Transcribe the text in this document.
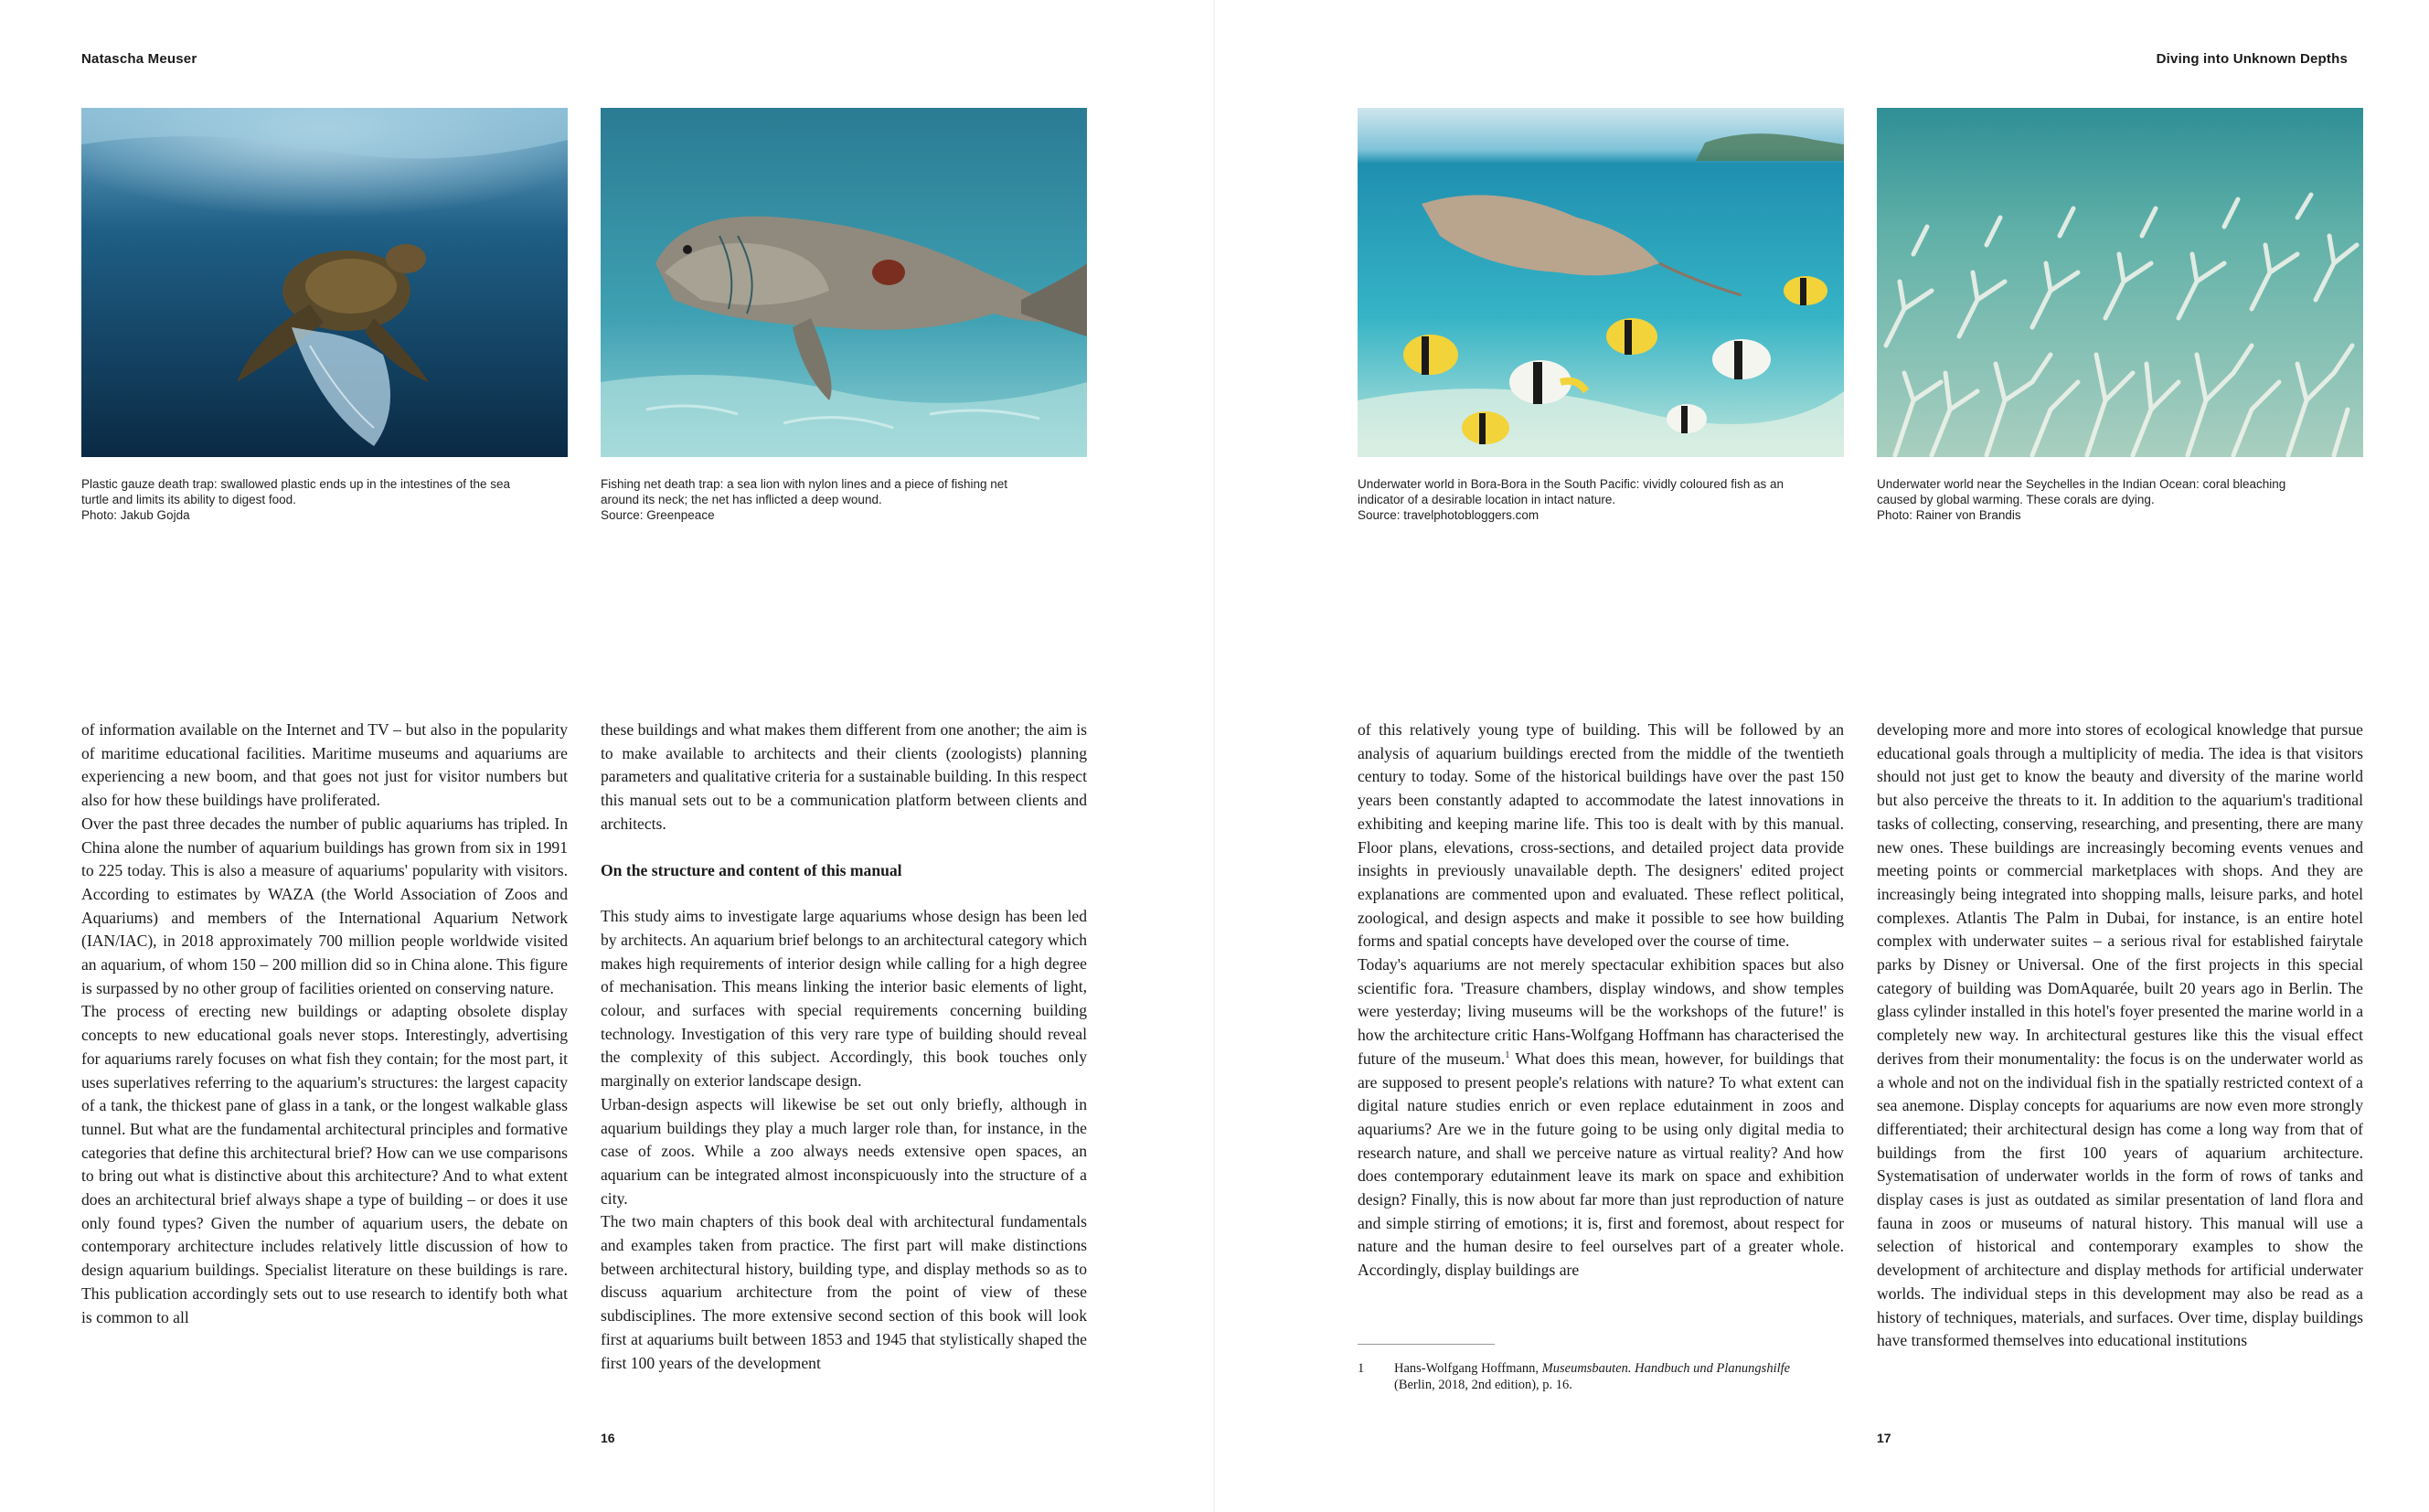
Natascha Meuser
Plastic gauze death trap: swallowed plastic ends up in the intestines of the sea
turtle and limits its ability to digest food.
Photo: Jakub Gojda
Fishing net death trap: a sea lion with nylon lines and a piece of fishing net
around its neck; the net has inflicted a deep wound.
Source: Greenpeace

of information available on the Internet and TV – but also in the popularity of maritime educational facilities. Maritime museums and aquariums are experiencing a new boom, and that goes not just for visitor numbers but also for how these buildings have proliferated.

Over the past three decades the number of public aquariums has tripled. In China alone the number of aquarium buildings has grown from six in 1991 to 225 today. This is also a measure of aquariums' popularity with visitors. According to estimates by WAZA (the World Association of Zoos and Aquariums) and members of the International Aquarium Network (IAN/IAC), in 2018 approximately 700 million people worldwide visited an aquarium, of whom 150 – 200 million did so in China alone. This figure is surpassed by no other group of facilities oriented on conserving nature.

The process of erecting new buildings or adapting obsolete display concepts to new educational goals never stops. Interestingly, advertising for aquariums rarely focuses on what fish they contain; for the most part, it uses superlatives referring to the aquarium's structures: the largest capacity of a tank, the thickest pane of glass in a tank, or the longest walkable glass tunnel. But what are the fundamental architectural principles and formative categories that define this architectural brief? How can we use comparisons to bring out what is distinctive about this architecture? And to what extent does an architectural brief always shape a type of building – or does it use only found types? Given the number of aquarium users, the debate on contemporary architecture includes relatively little discussion of how to design aquarium buildings. Specialist literature on these buildings is rare. This publication accordingly sets out to use research to identify both what is common to all

these buildings and what makes them different from one another; the aim is to make available to architects and their clients (zoologists) planning parameters and qualitative criteria for a sustainable building. In this respect this manual sets out to be a communication platform between clients and architects.

On the structure and content of this manual

This study aims to investigate large aquariums whose design has been led by architects. An aquarium brief belongs to an architectural category which makes high requirements of interior design while calling for a high degree of mechanisation. This means linking the interior basic elements of light, colour, and surfaces with special requirements concerning building technology. Investigation of this very rare type of building should reveal the complexity of this subject. Accordingly, this book touches only marginally on exterior landscape design.

Urban-design aspects will likewise be set out only briefly, although in aquarium buildings they play a much larger role than, for instance, in the case of zoos. While a zoo always needs extensive open spaces, an aquarium can be integrated almost inconspicuously into the structure of a city.

The two main chapters of this book deal with architectural fundamentals and examples taken from practice. The first part will make distinctions between architectural history, building type, and display methods so as to discuss aquarium architecture from the point of view of these subdisciplines. The more extensive second section of this book will look first at aquariums built between 1853 and 1945 that stylistically shaped the first 100 years of the development

16
Diving into Unknown Depths
Underwater world in Bora-Bora in the South Pacific: vividly coloured fish as an
indicator of a desirable location in intact nature.
Source: travelphotobloggers.com
Underwater world near the Seychelles in the Indian Ocean: coral bleaching
caused by global warming. These corals are dying.
Photo: Rainer von Brandis

of this relatively young type of building. This will be followed by an analysis of aquarium buildings erected from the middle of the twentieth century to today. Some of the historical buildings have over the past 150 years been constantly adapted to accommodate the latest innovations in exhibiting and keeping marine life. This too is dealt with by this manual. Floor plans, elevations, cross-sections, and detailed project data provide insights in previously unavailable depth. The designers' edited project explanations are commented upon and evaluated. These reflect political, zoological, and design aspects and make it possible to see how building forms and spatial concepts have developed over the course of time.

Today's aquariums are not merely spectacular exhibition spaces but also scientific fora. 'Treasure chambers, display windows, and show temples were yesterday; living museums will be the workshops of the future!' is how the architecture critic Hans-Wolfgang Hoffmann has characterised the future of the museum.$^1$ What does this mean, however, for buildings that are supposed to present people's relations with nature? To what extent can digital nature studies enrich or even replace edutainment in zoos and aquariums? Are we in the future going to be using only digital media to research nature, and shall we perceive nature as virtual reality? And how does contemporary edutainment leave its mark on space and exhibition design? Finally, this is now about far more than just reproduction of nature and simple stirring of emotions; it is, first and foremost, about respect for nature and the human desire to feel ourselves part of a greater whole. Accordingly, display buildings are

1 Hans-Wolfgang Hoffmann, Museumsbauten. Handbuch und Planungshilfe (Berlin, 2018, 2nd edition), p. 16.

developing more and more into stores of ecological knowledge that pursue educational goals through a multiplicity of media. The idea is that visitors should not just get to know the beauty and diversity of the marine world but also perceive the threats to it. In addition to the aquarium's traditional tasks of collecting, conserving, researching, and presenting, there are many new ones. These buildings are increasingly becoming events venues and meeting points or commercial marketplaces with shops. And they are increasingly being integrated into shopping malls, leisure parks, and hotel complexes. Atlantis The Palm in Dubai, for instance, is an entire hotel complex with underwater suites – a serious rival for established fairytale parks by Disney or Universal. One of the first projects in this special category of building was DomAquarée, built 20 years ago in Berlin. The glass cylinder installed in this hotel's foyer presented the marine world in a completely new way. In architectural gestures like this the visual effect derives from their monumentality: the focus is on the underwater world as a whole and not on the individual fish in the spatially restricted context of a sea anemone. Display concepts for aquariums are now even more strongly differentiated; their architectural design has come a long way from that of buildings from the first 100 years of aquarium architecture. Systematisation of underwater worlds in the form of rows of tanks and display cases is just as outdated as similar presentation of land flora and fauna in zoos or museums of natural history. This manual will use a selection of historical and contemporary examples to show the development of architecture and display methods for artificial underwater worlds. The individual steps in this development may also be read as a history of techniques, materials, and surfaces. Over time, display buildings have transformed themselves into educational institutions

17
